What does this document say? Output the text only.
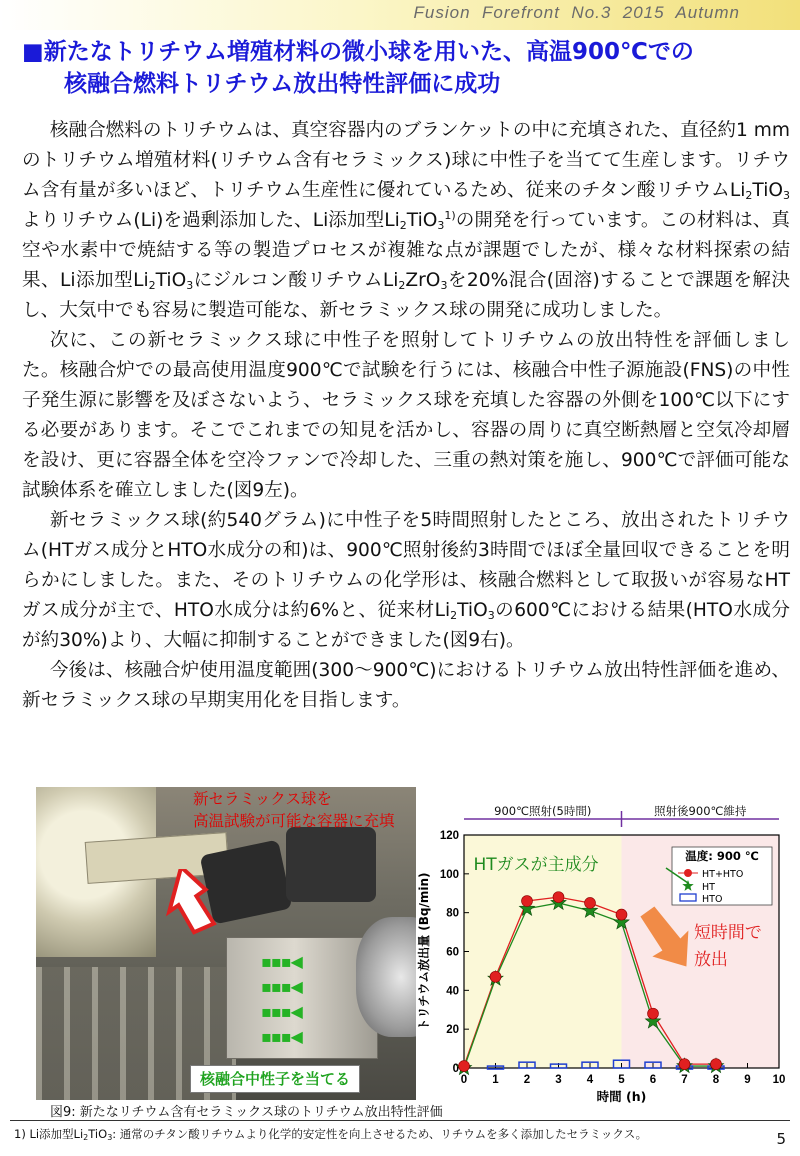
Fusion  Forefront  No.3  2015  Autumn
■新たなトリチウム増殖材料の微小球を用いた、高温900℃での
核融合燃料トリチウム放出特性評価に成功

核融合燃料のトリチウムは、真空容器内のブランケットの中に充填された、直径約1 mmのトリチウム増殖材料(リチウム含有セラミックス)球に中性子を当てて生産します。リチウム含有量が多いほど、トリチウム生産性に優れているため、従来のチタン酸リチウム$Li_2TiO_3$よりリチウム(Li)を過剰添加した、Li添加型$Li_2TiO_3^{1)}$の開発を行っています。この材料は、真空や水素中で焼結する等の製造プロセスが複雑な点が課題でしたが、様々な材料探索の結果、Li添加型$Li_2TiO_3$にジルコン酸リチウム$Li_2ZrO_3$を20%混合(固溶)することで課題を解決し、大気中でも容易に製造可能な、新セラミックス球の開発に成功しました。

次に、この新セラミックス球に中性子を照射してトリチウムの放出特性を評価しました。核融合炉での最高使用温度900℃で試験を行うには、核融合中性子源施設(FNS)の中性子発生源に影響を及ぼさないよう、セラミックス球を充填した容器の外側を100℃以下にする必要があります。そこでこれまでの知見を活かし、容器の周りに真空断熱層と空気冷却層を設け、更に容器全体を空冷ファンで冷却した、三重の熱対策を施し、900℃で評価可能な試験体系を確立しました(図9左)。

新セラミックス球(約540グラム)に中性子を5時間照射したところ、放出されたトリチウム(HTガス成分とHTO水成分の和)は、900℃照射後約3時間でほぼ全量回収できることを明らかにしました。また、そのトリチウムの化学形は、核融合燃料として取扱いが容易なHTガス成分が主で、HTO水成分は約6%と、従来材$Li_2TiO_3$の600℃における結果(HTO水成分が約30%)より、大幅に抑制することができました(図9右)。

今後は、核融合炉使用温度範囲(300〜900℃)におけるトリチウム放出特性評価を進め、新セラミックス球の早期実用化を目指します。

▪▪▪◀
▪▪▪◀
▪▪▪◀
▪▪▪◀
新セラミックス球を
高温試験が可能な容器に充填
核融合中性子を当てる
900℃照射(5時間)	照射後900℃維持
0
20
40
60
80
100
120
0 1 2 3 4 5 6 7 8 9 10
時間 (h)
トリチウム放出量 (Bq/min)
温度: 900 ℃
HT+HTO
HT
HTO
HTガスが主成分
短時間で
放出
図9: 新たなリチウム含有セラミックス球のトリチウム放出特性評価
1) Li添加型$Li_2TiO_3$: 通常のチタン酸リチウムより化学的安定性を向上させるため、リチウムを多く添加したセラミックス。	5
